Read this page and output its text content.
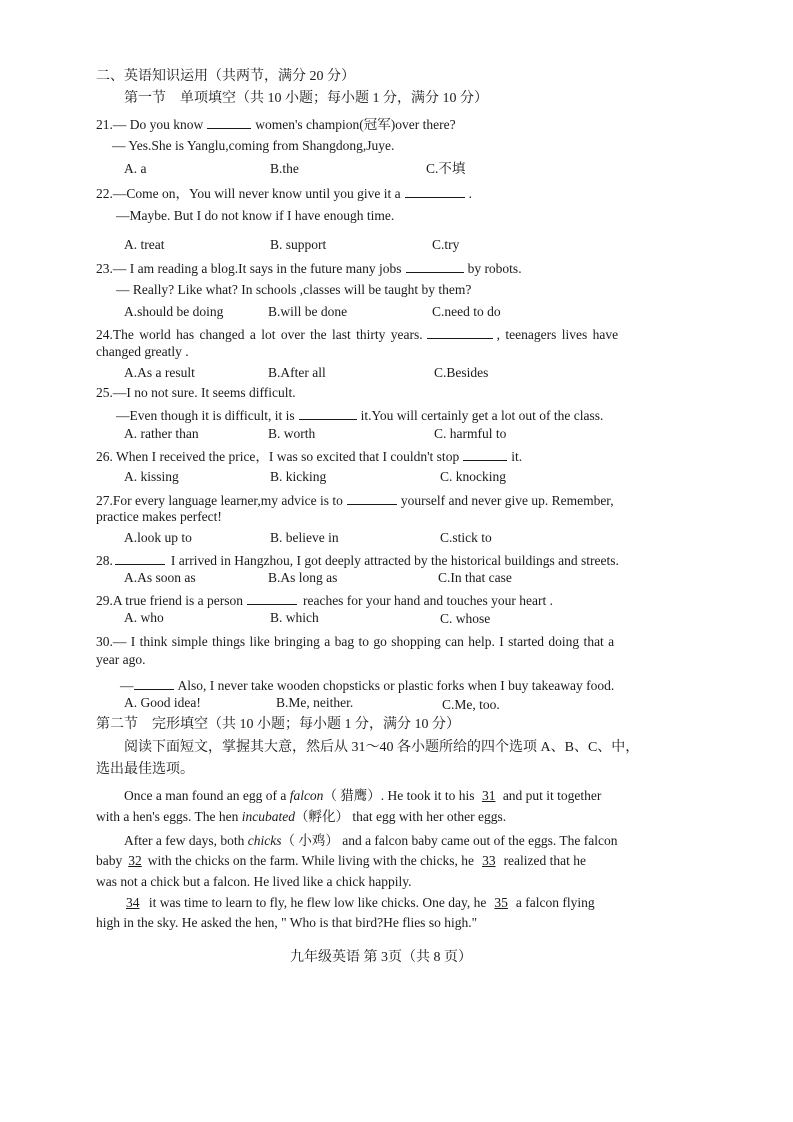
二、英语知识运用（共两节，满分 20 分）
第一节　单项填空（共 10 小题；每小题 1 分，满分 10 分）
21.— Do you know	women's champion(冠军)over there?
— Yes.She is Yanglu,coming from Shangdong,Juye.
A. a	B.the	C.不填
22.—Come on，You will never know until you give it a	.
—Maybe. But I do not know if I have enough time.
A. treat	B. support	C.try
23.— I am reading a blog.It says in the future many jobs	by robots.
— Really? Like what? In schools ,classes will be taught by them?
A.should be doing	B.will be done	C.need to do
24.The world has changed a lot over the last thirty years.	, teenagers lives have
changed greatly .
A.As a result	B.After all	C.Besides
25.—I no not sure. It seems difficult.
—Even though it is difficult, it is	it.You will certainly get a lot out of the class.
A. rather than	B. worth	C. harmful to
26. When I received the price，I was so excited that I couldn't stop	it.
A. kissing	B. kicking	C. knocking
27.For every language learner,my advice is to	yourself and never give up. Remember,
practice makes perfect!
A.look up to	B. believe in	C.stick to
28.	I arrived in Hangzhou, I got deeply attracted by the historical buildings and streets.
A.As soon as	B.As long as	C.In that case
29.A true friend is a person	reaches for your hand and touches your heart .
A. who	B. which	C. whose
30.— I think simple things like bringing a bag to go shopping can help. I started doing that a
year ago.
—	Also, I never take wooden chopsticks or plastic forks when I buy takeaway food.
A. Good idea!	B.Me, neither.	C.Me, too.
第二节　完形填空（共 10 小题；每小题 1 分，满分 10 分）
阅读下面短文，掌握其大意，然后从 31～40 各小题所给的四个选项 A、B、C、中，
选出最佳选项。
Once a man found an egg of a falcon（ 猎鹰）. He took it to his 31 and put it together
with a hen's eggs. The hen incubated（孵化） that egg with her other eggs.
After a few days, both chicks（ 小鸡） and a falcon baby came out of the eggs. The falcon
baby 32 with the chicks on the farm. While living with the chicks, he 33 realized that he
was not a chick but a falcon. He lived like a chick happily.
34 it was time to learn to fly, he flew low like chicks. One day, he 35 a falcon flying
high in the sky. He asked the hen, " Who is that bird?He flies so high."
九年级英语 第 3页（共 8 页）
